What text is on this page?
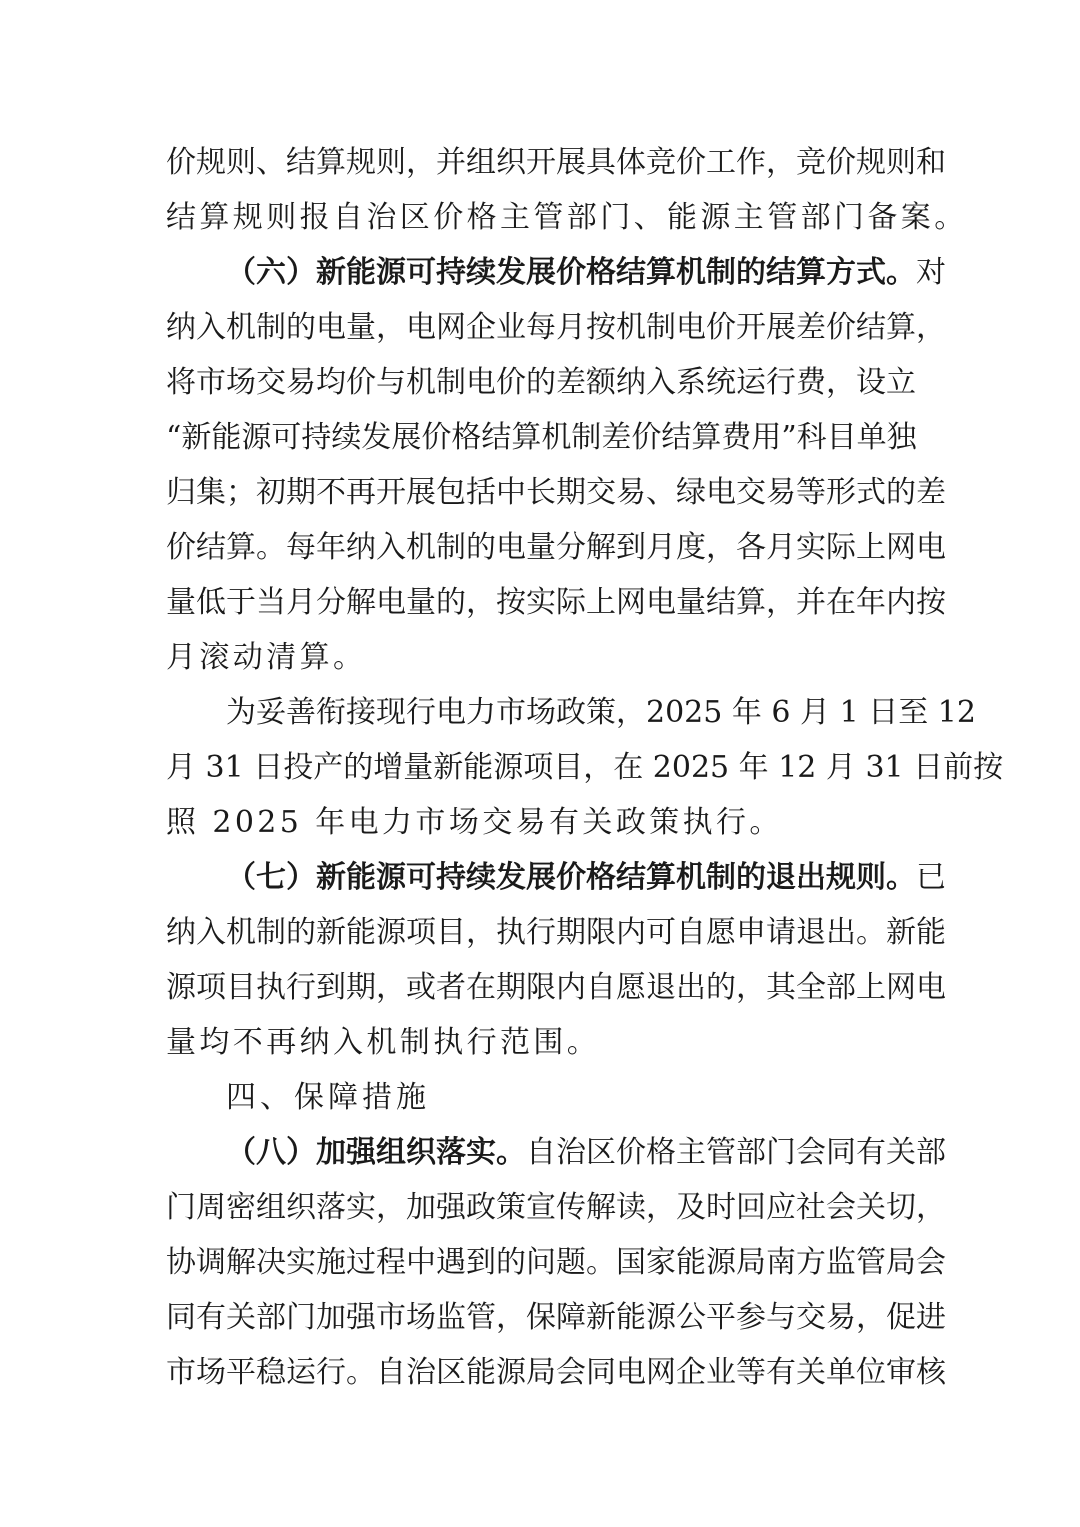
价规则、结算规则，并组织开展具体竞价工作，竞价规则和
结算规则报自治区价格主管部门、能源主管部门备案。
（六）新能源可持续发展价格结算机制的结算方式。对
纳入机制的电量，电网企业每月按机制电价开展差价结算，
将市场交易均价与机制电价的差额纳入系统运行费，设立
“新能源可持续发展价格结算机制差价结算费用”科目单独
归集；初期不再开展包括中长期交易、绿电交易等形式的差
价结算。每年纳入机制的电量分解到月度，各月实际上网电
量低于当月分解电量的，按实际上网电量结算，并在年内按
月滚动清算。
为妥善衔接现行电力市场政策，2025 年 6 月 1 日至 12
月 31 日投产的增量新能源项目，在 2025 年 12 月 31 日前按
照 2025 年电力市场交易有关政策执行。
（七）新能源可持续发展价格结算机制的退出规则。已
纳入机制的新能源项目，执行期限内可自愿申请退出。新能
源项目执行到期，或者在期限内自愿退出的，其全部上网电
量均不再纳入机制执行范围。
四、保障措施
（八）加强组织落实。自治区价格主管部门会同有关部
门周密组织落实，加强政策宣传解读，及时回应社会关切，
协调解决实施过程中遇到的问题。国家能源局南方监管局会
同有关部门加强市场监管，保障新能源公平参与交易，促进
市场平稳运行。自治区能源局会同电网企业等有关单位审核
